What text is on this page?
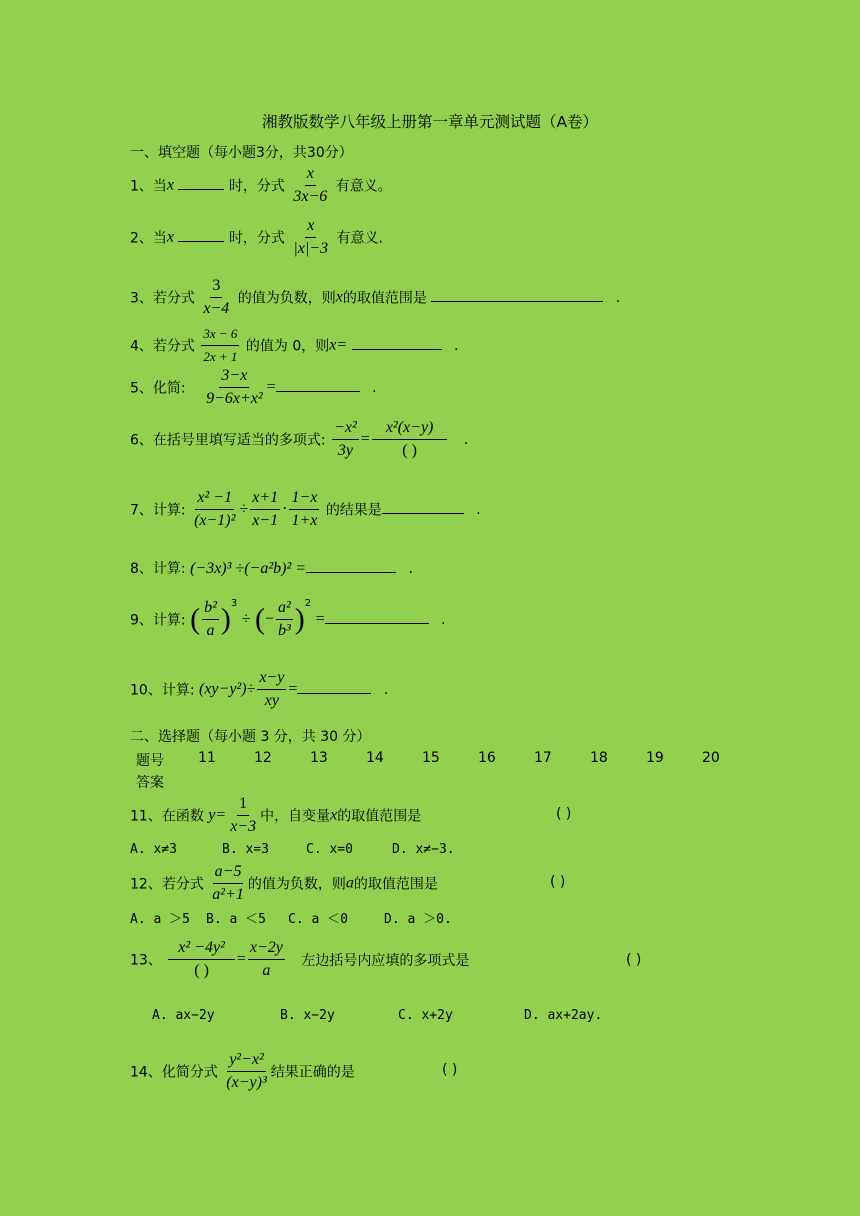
湘教版数学八年级上册第一章单元测试题（A卷）
一、填空题（每小题3分，共30分）
1、当x	时，分式 $\frac{x}{3x-6}$ 有意义。
2、当x	时，分式 $\frac{x}{|x|-3}$ 有意义.
3、若分式 $\frac{3}{x-4}$ 的值为负数，则x的取值范围是	.
4、若分式 $\frac{3x - 6}{2x + 1}$ 的值为 0，则x=	.
5、化简: $\frac{3-x}{\text{9−6x+x²}}$ =	.
6、在括号里填写适当的多项式: $\frac{\text{−x²}}{3y} = \frac{\text{x²(x−y)}}{( )}$ .
7、计算: $\frac{\text{x² −1}}{\text{(x−1)²}} \div \frac{x+1}{x-1} \cdot \frac{1-x}{1+x}$ 的结果是	.
8、计算: (−3x)³ ÷(−a²b)² =	.
9、计算: ( $\frac{\text{b²}}{a} )^3$ ÷ (− $\frac{\text{a²}}{\text{b³}} )^2$ =	.
10、计算: $(xy-y^2)\div \frac{x-y}{xy}$ =	.
二、选择题（每小题 3 分，共 30 分）
题号 11	12	13	14	15	16	17	18	19	20
答案
11、在函数 $y= \frac{1}{x-3}$ 中，自变量x的取值范围是	( )
A. x≠3	B. x=3	C. x=0	D. x≠−3.
12、若分式 $\frac{a-5}{\text{a²+1}}$ 的值为负数，则a的取值范围是	( )
A. a ＞5 B. a ＜5 C. a ＜0	D. a ＞0.
13、 $\frac{\text{x² −4y²}}{( )} = \frac{x-2y}{a}$ 左边括号内应填的多项式是	( )
A. ax−2y	B. x−2y	C. x+2y	D. ax+2ay.
14、化简分式 $\frac{\text{y²−x²}}{\text{(x−y)³}}$ 结果正确的是	( )
